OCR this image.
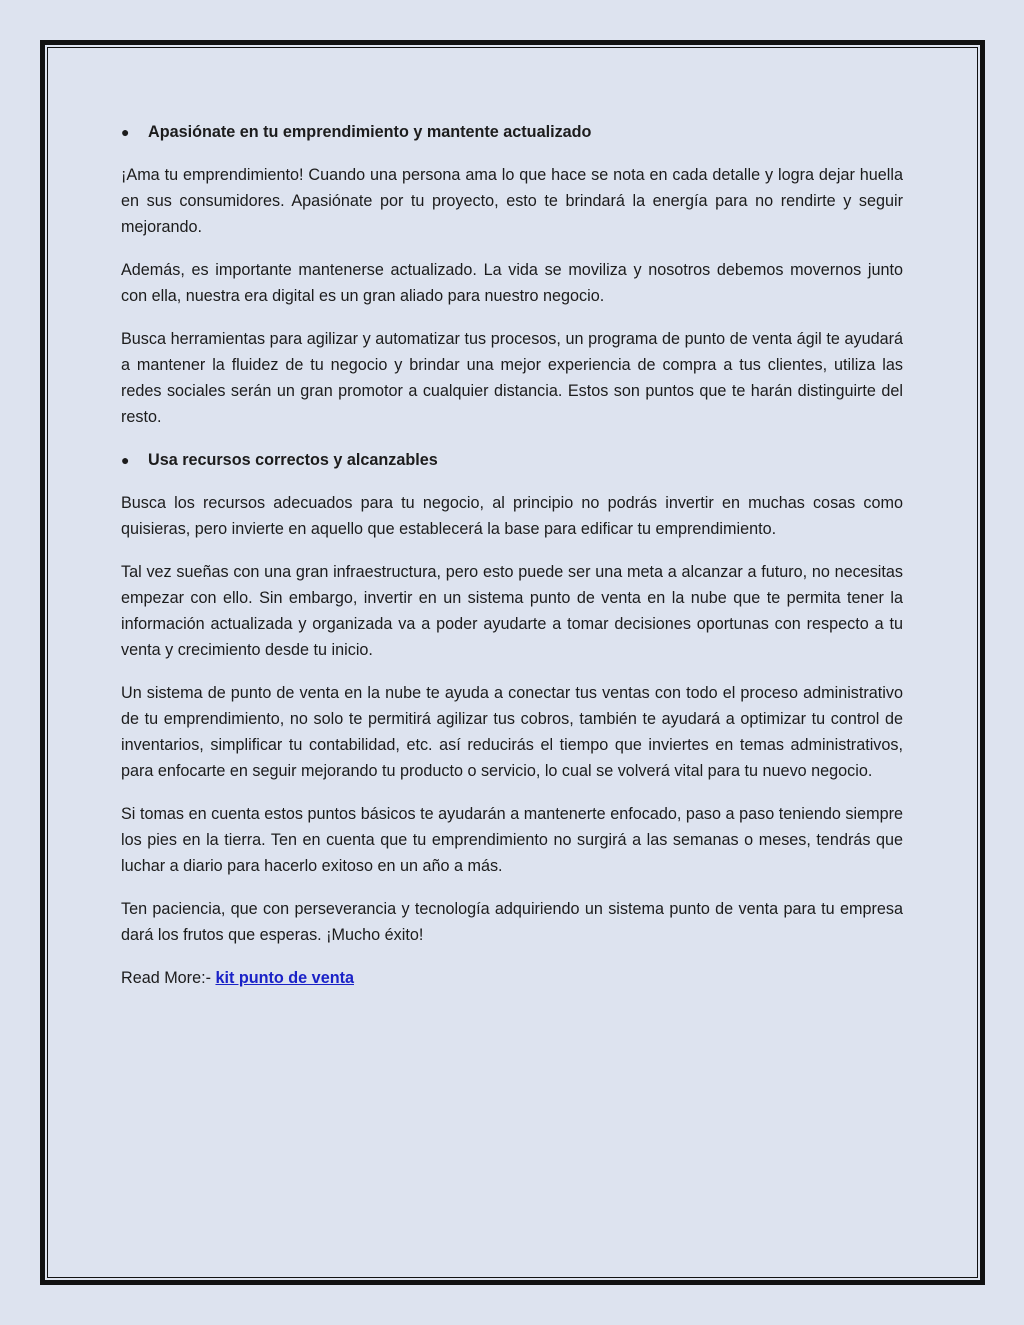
●	Apasiónate en tu emprendimiento y mantente actualizado

¡Ama tu emprendimiento! Cuando una persona ama lo que hace se nota en cada detalle y logra dejar huella en sus consumidores. Apasiónate por tu proyecto, esto te brindará la energía para no rendirte y seguir mejorando.

Además, es importante mantenerse actualizado. La vida se moviliza y nosotros debemos movernos junto con ella, nuestra era digital es un gran aliado para nuestro negocio.

Busca herramientas para agilizar y automatizar tus procesos, un programa de punto de venta ágil te ayudará a mantener la fluidez de tu negocio y brindar una mejor experiencia de compra a tus clientes, utiliza las redes sociales serán un gran promotor a cualquier distancia. Estos son puntos que te harán distinguirte del resto.

●	Usa recursos correctos y alcanzables

Busca los recursos adecuados para tu negocio, al principio no podrás invertir en muchas cosas como quisieras, pero invierte en aquello que establecerá la base para edificar tu emprendimiento.

Tal vez sueñas con una gran infraestructura, pero esto puede ser una meta a alcanzar a futuro, no necesitas empezar con ello. Sin embargo, invertir en un sistema punto de venta en la nube que te permita tener la información actualizada y organizada va a poder ayudarte a tomar decisiones oportunas con respecto a tu venta y crecimiento desde tu inicio.

Un sistema de punto de venta en la nube te ayuda a conectar tus ventas con todo el proceso administrativo de tu emprendimiento, no solo te permitirá agilizar tus cobros, también te ayudará a optimizar tu control de inventarios, simplificar tu contabilidad, etc. así reducirás el tiempo que inviertes en temas administrativos, para enfocarte en seguir mejorando tu producto o servicio, lo cual se volverá vital para tu nuevo negocio.

Si tomas en cuenta estos puntos básicos te ayudarán a mantenerte enfocado, paso a paso teniendo siempre los pies en la tierra. Ten en cuenta que tu emprendimiento no surgirá a las semanas o meses, tendrás que luchar a diario para hacerlo exitoso en un año a más.

Ten paciencia, que con perseverancia y tecnología adquiriendo un sistema punto de venta para tu empresa dará los frutos que esperas. ¡Mucho éxito!

Read More:- kit punto de venta
